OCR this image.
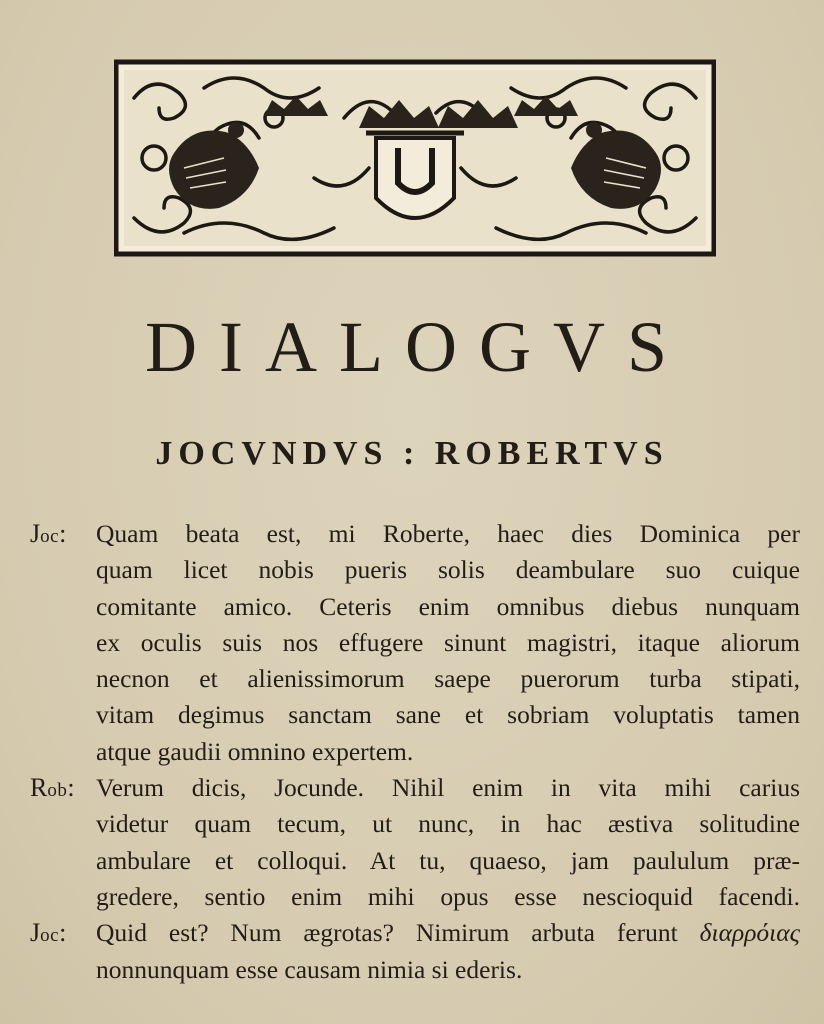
DIALOGVS
JOCVNDVS : ROBERTVS
Joc:	Quam beata est, mi Roberte, haec dies Dominica per
quam licet nobis pueris solis deambulare suo cuique
comitante amico. Ceteris enim omnibus diebus nunquam
ex oculis suis nos effugere sinunt magistri, itaque aliorum
necnon et alienissimorum saepe puerorum turba stipati,
vitam degimus sanctam sane et sobriam voluptatis tamen
atque gaudii omnino expertem.
Rob: Verum dicis, Jocunde. Nihil enim in vita mihi carius
videtur quam tecum, ut nunc, in hac æstiva solitudine
ambulare et colloqui. At tu, quaeso, jam paululum præ-
gredere, sentio enim mihi opus esse nescioquid facendi.
Joc:	Quid est? Num ægrotas? Nimirum arbuta ferunt διαρρόιας
nonnunquam esse causam nimia si ederis.
